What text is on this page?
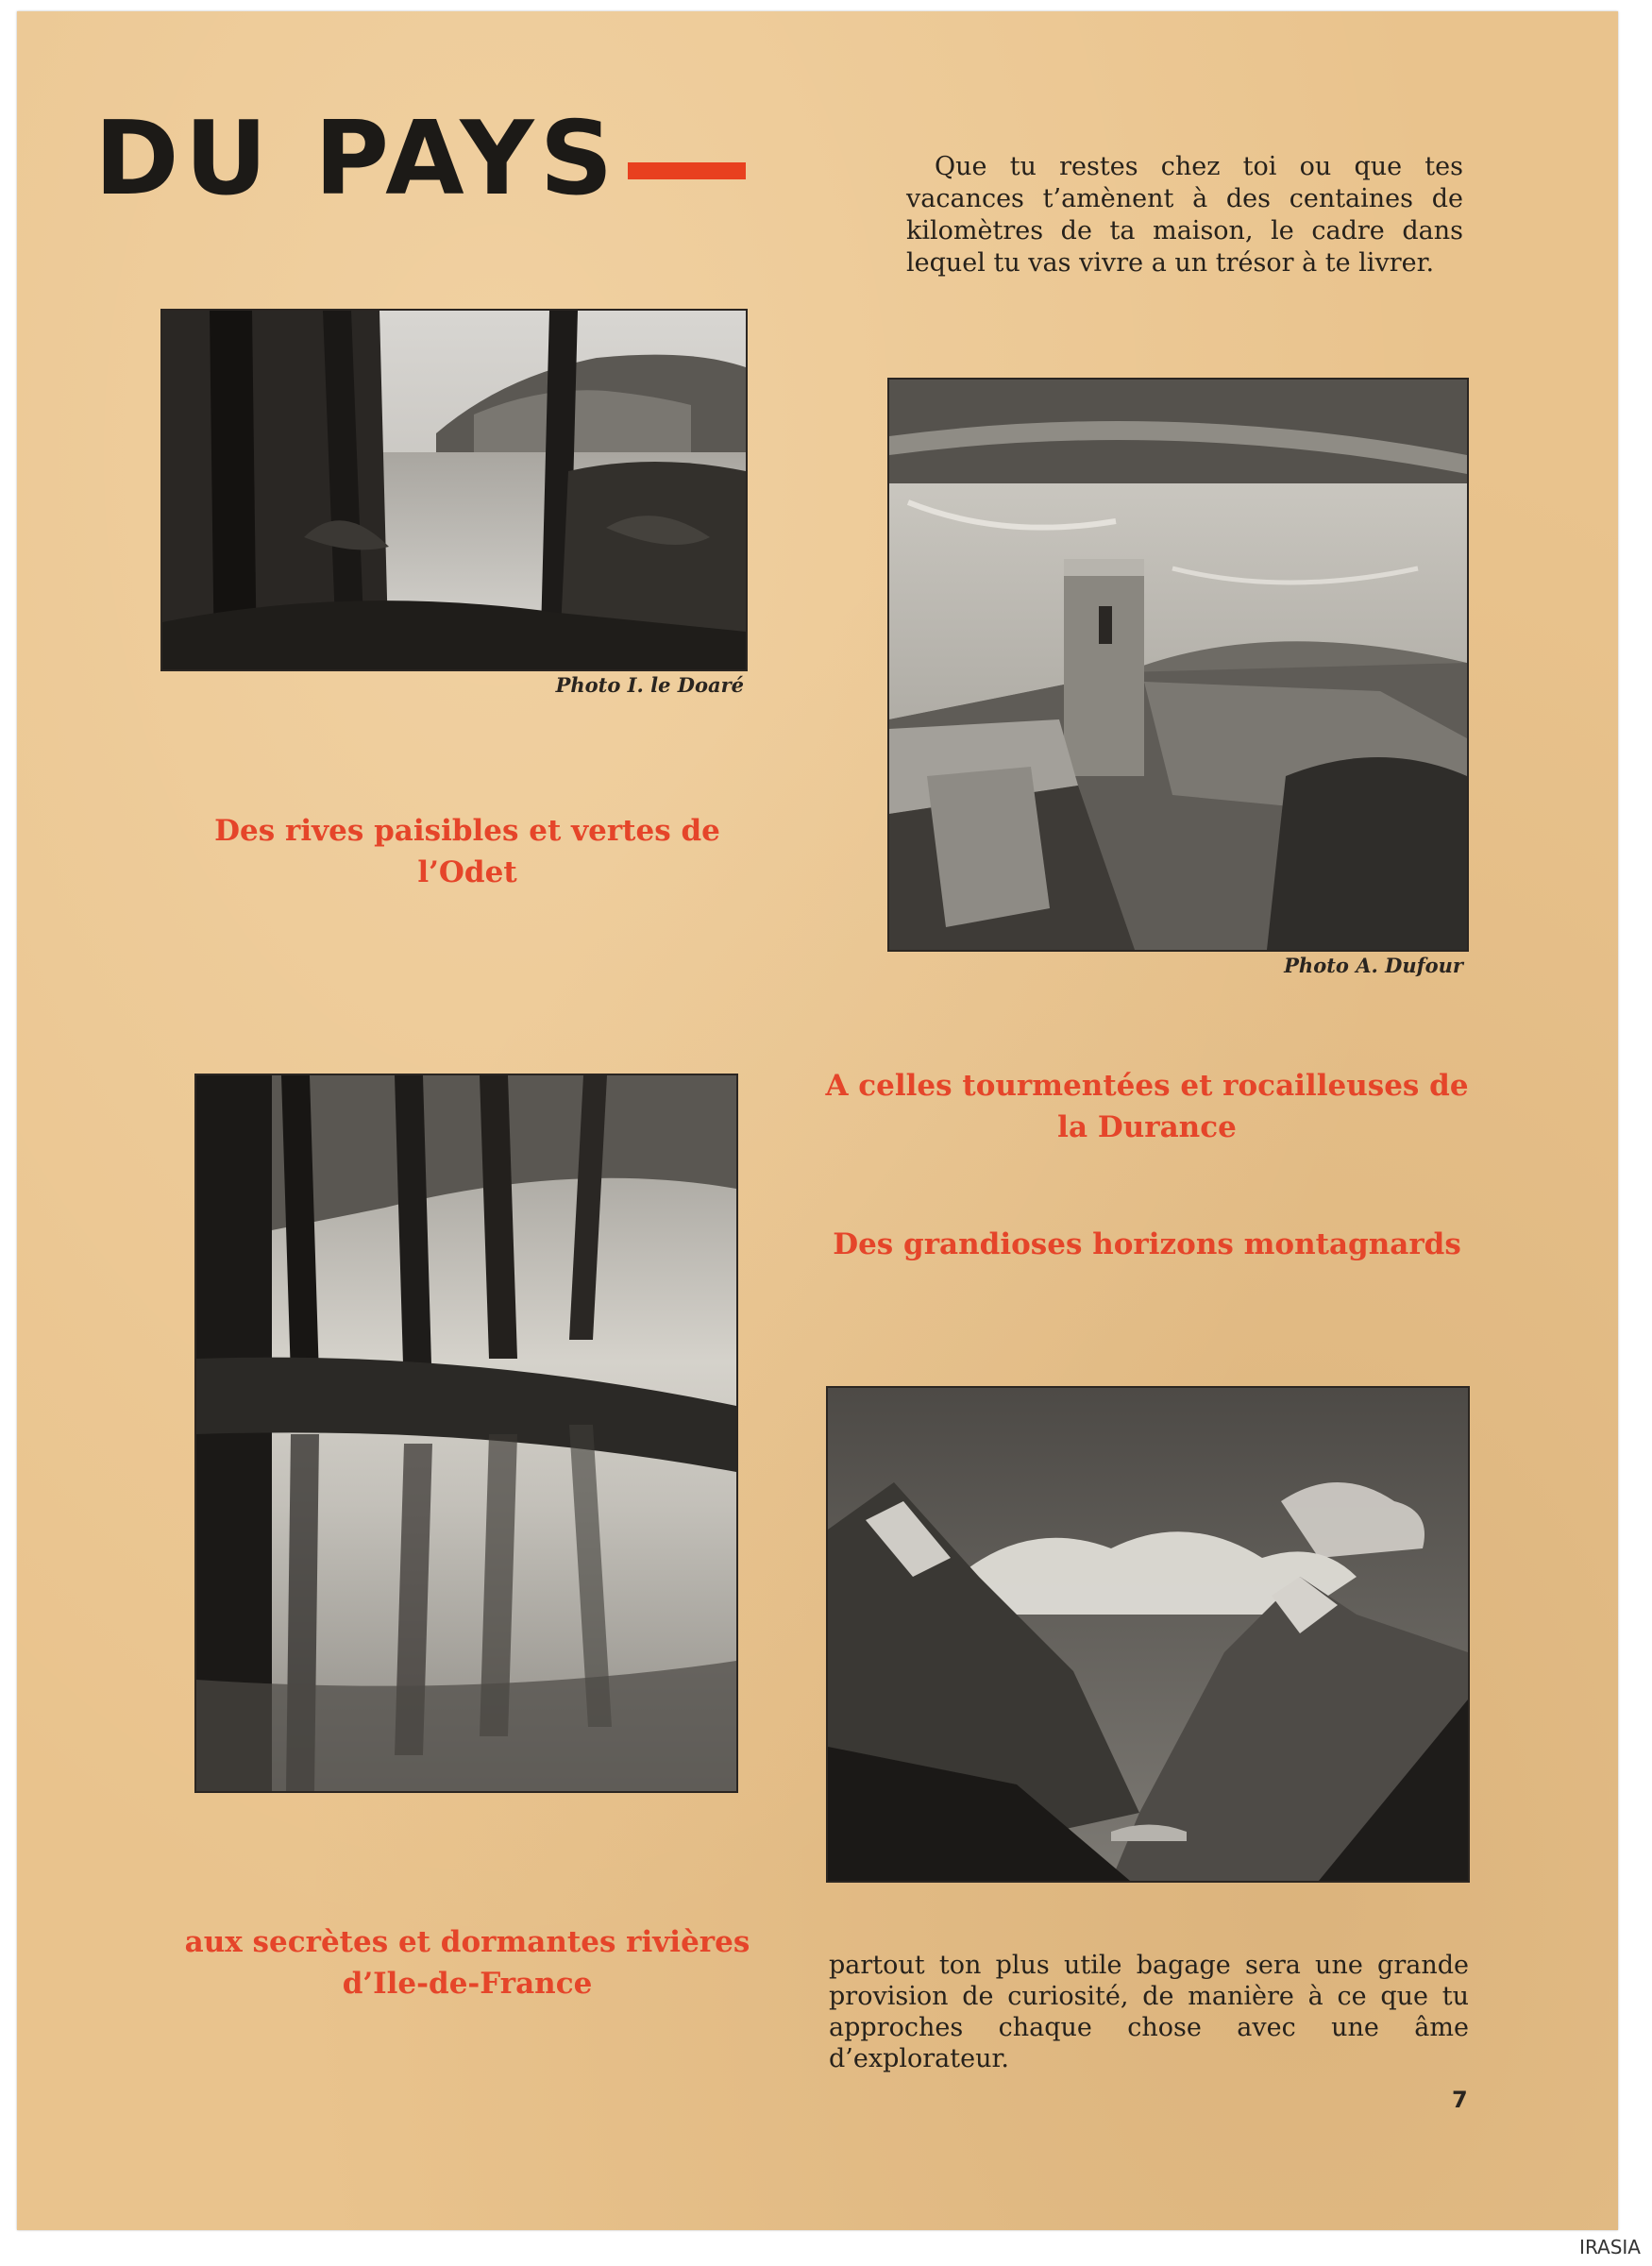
DU PAYS	Que tu restes chez toi ou que tes vacances t’amènent à des centaines de kilomètres de ta maison, le cadre dans lequel tu vas vivre a un trésor à te livrer.
Photo I. le Doaré
Des rives paisibles et vertes de l’Odet
Photo A. Dufour
A celles tourmentées et rocailleuses de la Durance
aux secrètes et dormantes rivières d’Ile-de-France
Des grandioses horizons montagnards
partout ton plus utile bagage sera une grande provision de curiosité, de manière à ce que tu approches chaque chose avec une âme d’explorateur.
7
IRASIA
